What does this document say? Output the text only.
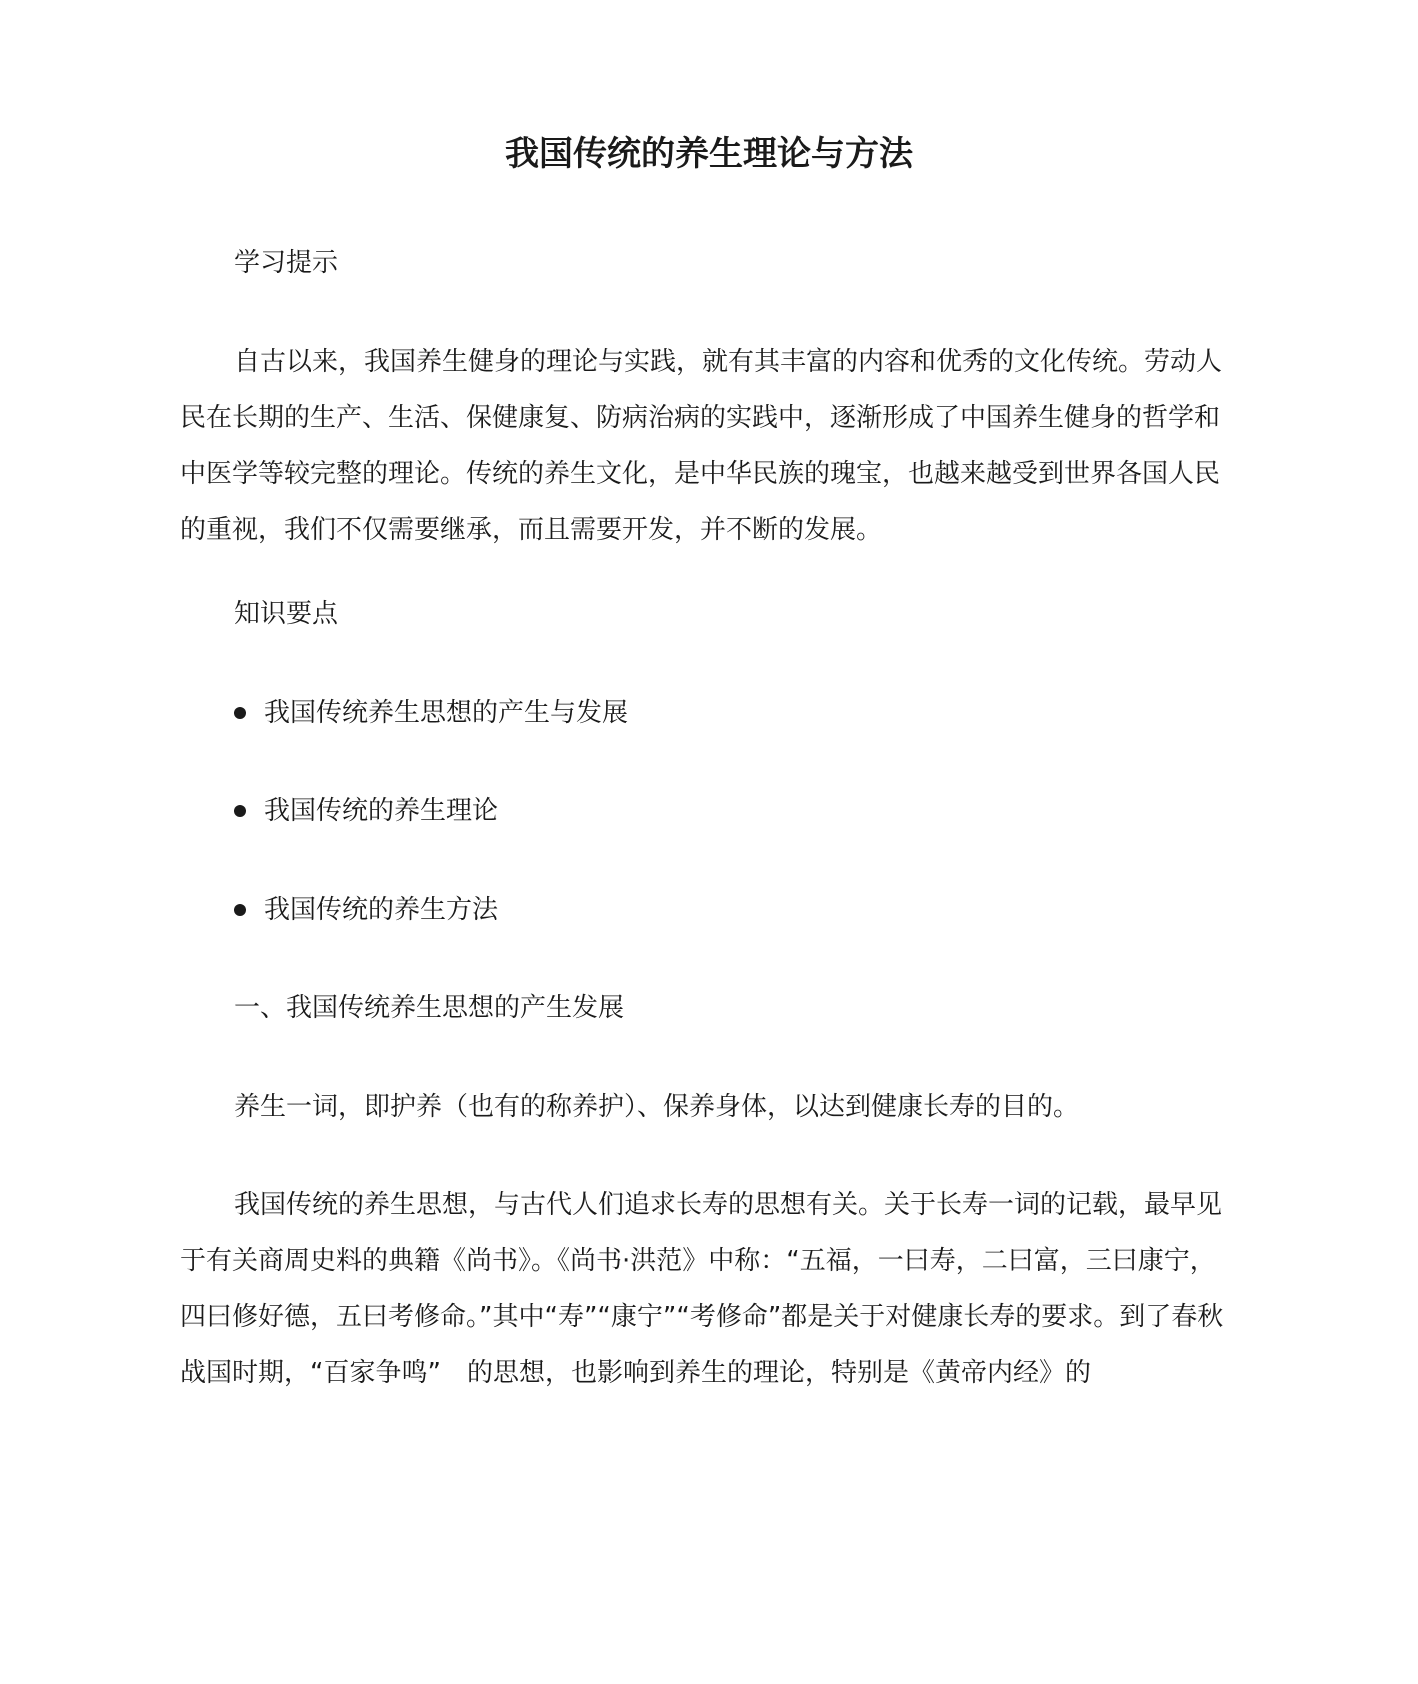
我国传统的养生理论与方法

学习提示

自古以来，我国养生健身的理论与实践，就有其丰富的内容和优秀的文化传统。劳动人民在长期的生产、生活、保健康复、防病治病的实践中，逐渐形成了中国养生健身的哲学和中医学等较完整的理论。传统的养生文化，是中华民族的瑰宝，也越来越受到世界各国人民的重视，我们不仅需要继承，而且需要开发，并不断的发展。

知识要点

我国传统养生思想的产生与发展
我国传统的养生理论
我国传统的养生方法

一、我国传统养生思想的产生发展

养生一词，即护养（也有的称养护）、保养身体，以达到健康长寿的目的。

我国传统的养生思想，与古代人们追求长寿的思想有关。关于长寿一词的记载，最早见于有关商周史料的典籍《尚书》。《尚书·洪范》中称：“五福，一曰寿，二曰富，三曰康宁，四曰修好德，五曰考修命。”其中“寿”“康宁”“考修命”都是关于对健康长寿的要求。到了春秋战国时期，“百家争鸣”　的思想，也影响到养生的理论，特别是《黄帝内经》的
